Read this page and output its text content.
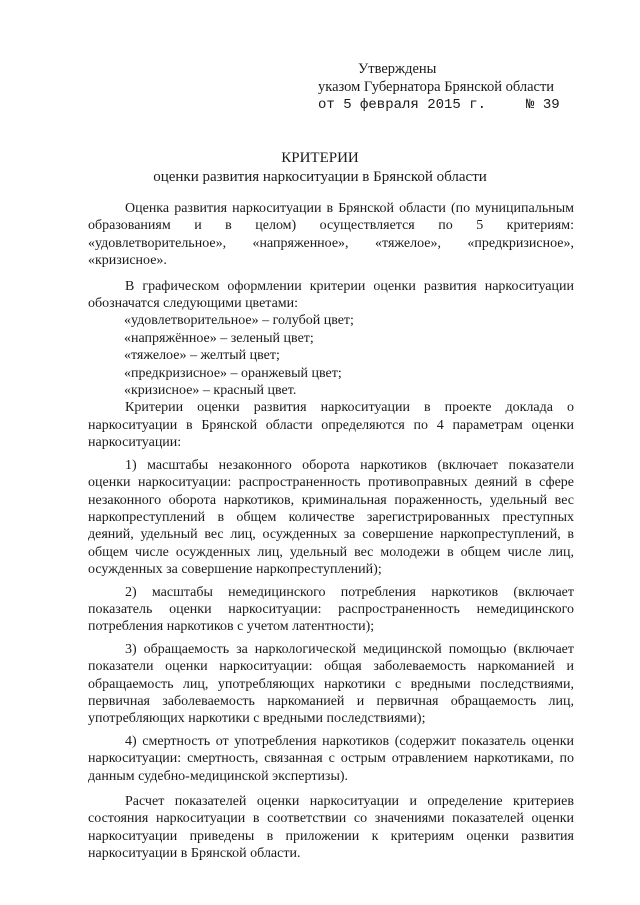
Утверждены
указом Губернатора Брянской области
от 5 февраля 2015 г.	№ 39
КРИТЕРИИ
оценки развития наркоситуации в Брянской области

Оценка развития наркоситуации в Брянской области (по муниципальным образованиям и в целом) осуществляется по 5 критериям: «удовлетворительное», «напряженное», «тяжелое», «предкризисное», «кризисное».

В графическом оформлении критерии оценки развития наркоситуации обозначатся следующими цветами:

«удовлетворительное» – голубой цвет;

«напряжённое» – зеленый цвет;

«тяжелое» – желтый цвет;

«предкризисное» – оранжевый цвет;

«кризисное» – красный цвет.

Критерии оценки развития наркоситуации в проекте доклада о наркоситуации в Брянской области определяются по 4 параметрам оценки наркоситуации:

1) масштабы незаконного оборота наркотиков (включает показатели оценки наркоситуации: распространенность противоправных деяний в сфере незаконного оборота наркотиков, криминальная пораженность, удельный вес наркопреступлений в общем количестве зарегистрированных преступных деяний, удельный вес лиц, осужденных за совершение наркопреступлений, в общем числе осужденных лиц, удельный вес молодежи в общем числе лиц, осужденных за совершение наркопреступлений);

2) масштабы немедицинского потребления наркотиков (включает показатель оценки наркоситуации: распространенность немедицинского потребления наркотиков с учетом латентности);

3) обращаемость за наркологической медицинской помощью (включает показатели оценки наркоситуации: общая заболеваемость наркоманией и обращаемость лиц, употребляющих наркотики с вредными последствиями, первичная заболеваемость наркоманией и первичная обращаемость лиц, употребляющих наркотики с вредными последствиями);

4) смертность от употребления наркотиков (содержит показатель оценки наркоситуации: смертность, связанная с острым отравлением наркотиками, по данным судебно-медицинской экспертизы).

Расчет показателей оценки наркоситуации и определение критериев состояния наркоситуации в соответствии со значениями показателей оценки наркоситуации приведены в приложении к критериям оценки развития наркоситуации в Брянской области.
